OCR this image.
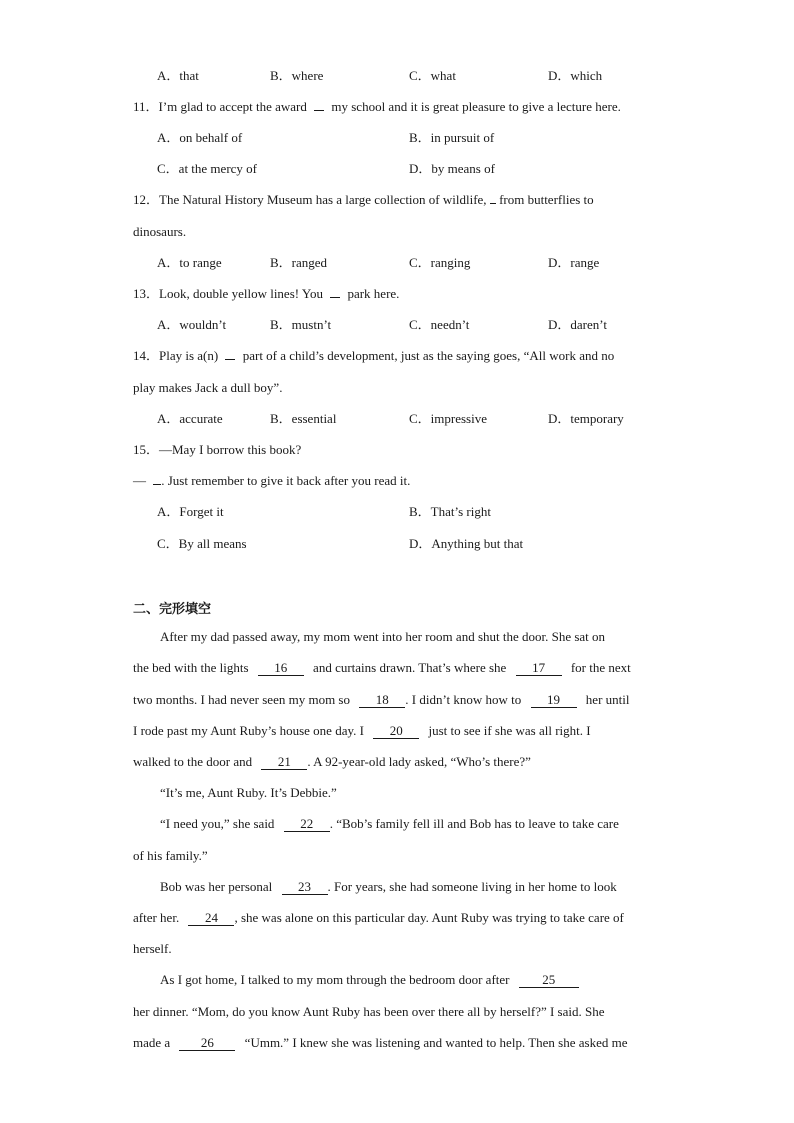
A．that	B．where	C．what	D．which
11．I’m glad to accept the award my school and it is great pleasure to give a lecture here.
A．on behalf of	B．in pursuit of
C．at the mercy of	D．by means of
12．The Natural History Museum has a large collection of wildlife, from butterflies to
dinosaurs.
A．to range	B．ranged	C．ranging	D．range
13．Look, double yellow lines! You park here.
A．wouldn’t	B．mustn’t	C．needn’t	D．daren’t
14．Play is a(n) part of a child’s development, just as the saying goes, “All work and no
play makes Jack a dull boy”.
A．accurate	B．essential	C．impressive	D．temporary
15．—May I borrow this book?
— . Just remember to give it back after you read it.
A．Forget it	B．That’s right
C．By all means	D．Anything but that
二、完形填空
After my dad passed away, my mom went into her room and shut the door. She sat on
the bed with the lights 16 and curtains drawn. That’s where she 17 for the next
two months. I had never seen my mom so 18 . I didn’t know how to 19 her until
I rode past my Aunt Ruby’s house one day. I 20 just to see if she was all right. I
walked to the door and 21 . A 92-year-old lady asked, “Who’s there?”
“It’s me, Aunt Ruby. It’s Debbie.”
“I need you,” she said 22 . “Bob’s family fell ill and Bob has to leave to take care
of his family.”
Bob was her personal 23 . For years, she had someone living in her home to look
after her. 24 , she was alone on this particular day. Aunt Ruby was trying to take care of
herself.
As I got home, I talked to my mom through the bedroom door after	25
her dinner. “Mom, do you know Aunt Ruby has been over there all by herself?” I said. She
made a 26 “Umm.” I knew she was listening and wanted to help. Then she asked me
